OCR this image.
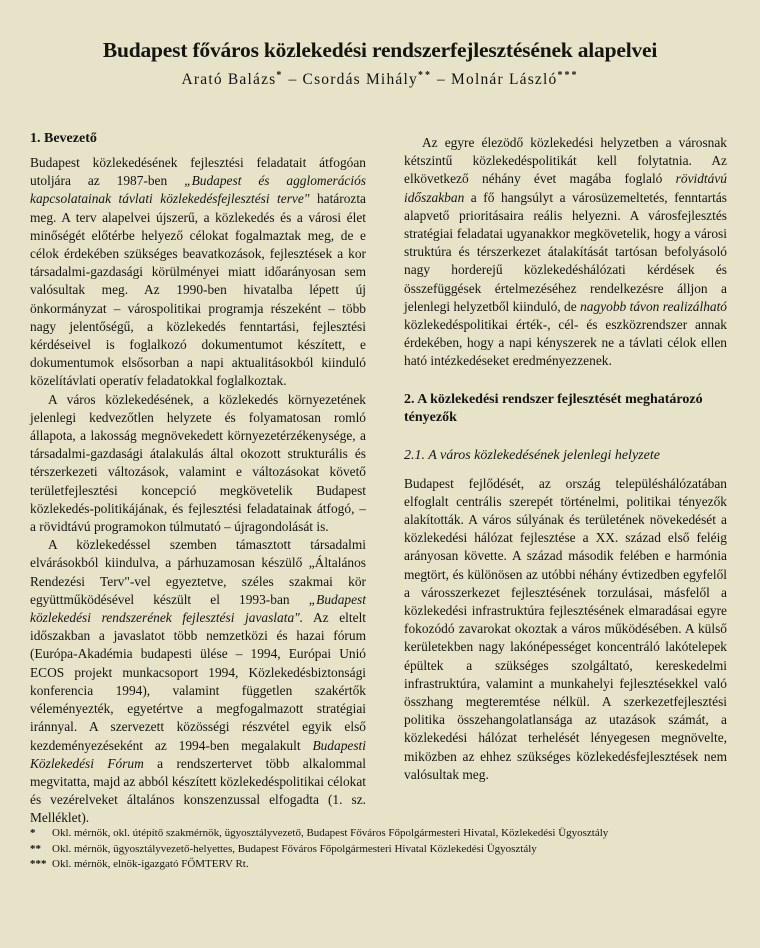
Budapest főváros közlekedési rendszerfejlesztésének alapelvei
Arató Balázs* – Csordás Mihály** – Molnár László***
1. Bevezető

Budapest közlekedésének fejlesztési feladatait átfogóan utoljára az 1987-ben „Budapest és agglomerációs kapcsolatainak távlati közlekedésfejlesztési terve" határozta meg. A terv alapelvei újszerű, a közlekedés és a városi élet minőségét előtérbe helyező célokat fogalmaztak meg, de e célok érdekében szükséges beavatkozások, fejlesztések a kor társadalmi-gazdasági körülményei miatt időarányosan sem valósultak meg. Az 1990-ben hivatalba lépett új önkormányzat – várospolitikai programja részeként – több nagy jelentőségű, a közlekedés fenntartási, fejlesztési kérdéseivel is foglalkozó dokumentumot készített, e dokumentumok elsősorban a napi aktualitásokból kiinduló közelítávlati operatív feladatokkal foglalkoztak.

A város közlekedésének, a közlekedés környezetének jelenlegi kedvezőtlen helyzete és folyamatosan romló állapota, a lakosság megnövekedett környezetérzékenysége, a társadalmi-gazdasági átalakulás által okozott strukturális és térszerkezeti változások, valamint e változásokat követő területfejlesztési koncepció megkövetelik Budapest közlekedés-politikájának, és fejlesztési feladatainak átfogó, – a rövidtávú programokon túlmutató – újragondolását is.

A közlekedéssel szemben támasztott társadalmi elvárásokból kiindulva, a párhuzamosan készülő „Általános Rendezési Terv"-vel egyeztetve, széles szakmai kör együttműködésével készült el 1993-ban „Budapest közlekedési rendszerének fejlesztési javaslata". Az eltelt időszakban a javaslatot több nemzetközi és hazai fórum (Európa-Akadémia budapesti ülése – 1994, Európai Unió ECOS projekt munkacsoport 1994, Közlekedésbiztonsági konferencia 1994), valamint független szakértők véleményezték, egyetértve a megfogalmazott stratégiai iránnyal. A szervezett közösségi részvétel egyik első kezdeményezéseként az 1994-ben megalakult Budapesti Közlekedési Fórum a rendszertervet több alkalommal megvitatta, majd az abból készített közlekedéspolitikai célokat és vezérelveket általános konszenzussal elfogadta (1. sz. Melléklet).

Az egyre élezödő közlekedési helyzetben a városnak kétszintű közlekedéspolitikát kell folytatnia. Az elkövetkező néhány évet magába foglaló rövidtávú időszakban a fő hangsúlyt a városüzemeltetés, fenntartás alapvető prioritásaira reális helyezni. A városfejlesztés stratégiai feladatai ugyanakkor megkövetelik, hogy a városi struktúra és térszerkezet átalakítását tartósan befolyásoló nagy horderejű közlekedéshálózati kérdések és összefüggések értelmezéséhez rendelkezésre álljon a jelenlegi helyzetből kiinduló, de nagyobb távon realizálható közlekedéspolitikai érték-, cél- és eszközrendszer annak érdekében, hogy a napi kényszerek ne a távlati célok ellen ható intézkedéseket eredményezzenek.

2. A közlekedési rendszer fejlesztését meghatározó tényezők
2.1. A város közlekedésének jelenlegi helyzete

Budapest fejlődését, az ország településhálózatában elfoglalt centrális szerepét történelmi, politikai tényezők alakították. A város súlyának és területének növekedését a közlekedési hálózat fejlesztése a XX. század első feléig arányosan követte. A század második felében e harmónia megtört, és különösen az utóbbi néhány évtizedben egyfelől a városszerkezet fejlesztésének torzulásai, másfelől a közlekedési infrastruktúra fejlesztésének elmaradásai egyre fokozódó zavarokat okoztak a város működésében. A külső kerületekben nagy lakónépességet koncentráló lakótelepek épültek a szükséges szolgáltató, kereskedelmi infrastruktúra, valamint a munkahelyi fejlesztésekkel való összhang megteremtése nélkül. A szerkezetfejlesztési politika összehangolatlansága az utazások számát, a közlekedési hálózat terhelését lényegesen megnövelte, miközben az ehhez szükséges közlekedésfejlesztések nem valósultak meg.

* Okl. mérnök, okl. útépítő szakmérnök, ügyosztályvezető, Budapest Főváros Főpolgármesteri Hivatal, Közlekedési Ügyosztály
** Okl. mérnök, ügyosztályvezető-helyettes, Budapest Főváros Főpolgármesteri Hivatal Közlekedési Ügyosztály
*** Okl. mérnök, elnök-igazgató FŐMTERV Rt.
